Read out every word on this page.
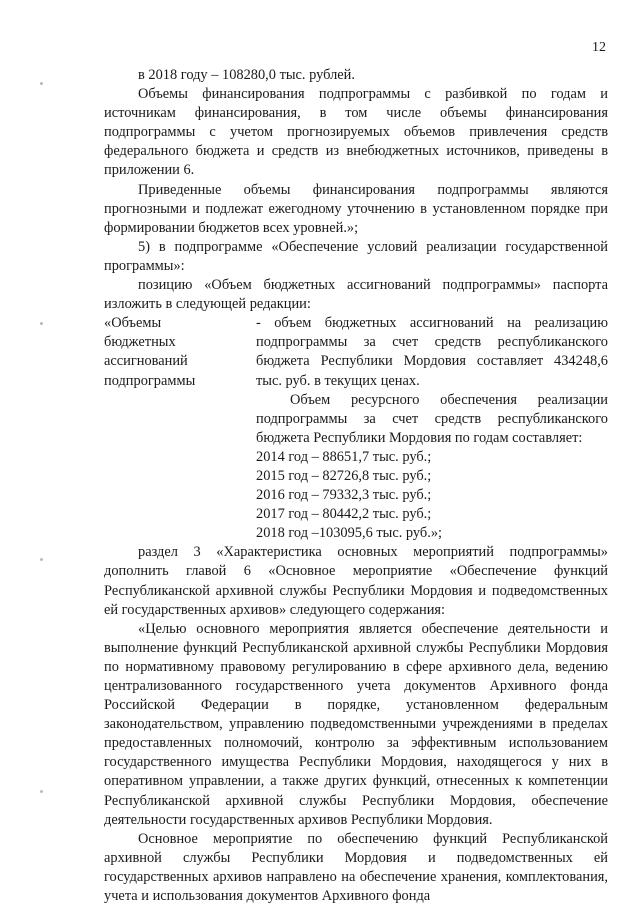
12

в 2018 году – 108280,0 тыс. рублей.

Объемы финансирования подпрограммы с разбивкой по годам и источникам финансирования, в том числе объемы финансирования подпрограммы с учетом прогнозируемых объемов привлечения средств федерального бюджета и средств из внебюджетных источников, приведены в приложении 6.

Приведенные объемы финансирования подпрограммы являются прогнозными и подлежат ежегодному уточнению в установленном порядке при формировании бюджетов всех уровней.»;

5) в подпрограмме «Обеспечение условий реализации государственной программы»:

позицию «Объем бюджетных ассигнований подпрограммы» паспорта изложить в следующей редакции:

«Объемы
бюджетных
ассигнований
подпрограммы

- объем бюджетных ассигнований на реализацию подпрограммы за счет средств республиканского бюджета Республики Мордовия составляет 434248,6 тыс. руб. в текущих ценах.

Объем ресурсного обеспечения реализации подпрограммы за счет средств республиканского бюджета Республики Мордовия по годам составляет:

2014 год – 88651,7 тыс. руб.;
2015 год – 82726,8 тыс. руб.;
2016 год – 79332,3 тыс. руб.;
2017 год – 80442,2 тыс. руб.;
2018 год –103095,6 тыс. руб.»;

раздел 3 «Характеристика основных мероприятий подпрограммы» дополнить главой 6 «Основное мероприятие «Обеспечение функций Республиканской архивной службы Республики Мордовия и подведомственных ей государственных архивов» следующего содержания:

«Целью основного мероприятия является обеспечение деятельности и выполнение функций Республиканской архивной службы Республики Мордовия по нормативному правовому регулированию в сфере архивного дела, ведению централизованного государственного учета документов Архивного фонда Российской Федерации в порядке, установленном федеральным законодательством, управлению подведомственными учреждениями в пределах предоставленных полномочий, контролю за эффективным использованием государственного имущества Республики Мордовия, находящегося у них в оперативном управлении, а также других функций, отнесенных к компетенции Республиканской архивной службы Республики Мордовия, обеспечение деятельности государственных архивов Республики Мордовия.

Основное мероприятие по обеспечению функций Республиканской архивной службы Республики Мордовия и подведомственных ей государственных архивов направлено на обеспечение хранения, комплектования, учета и использования документов Архивного фонда
